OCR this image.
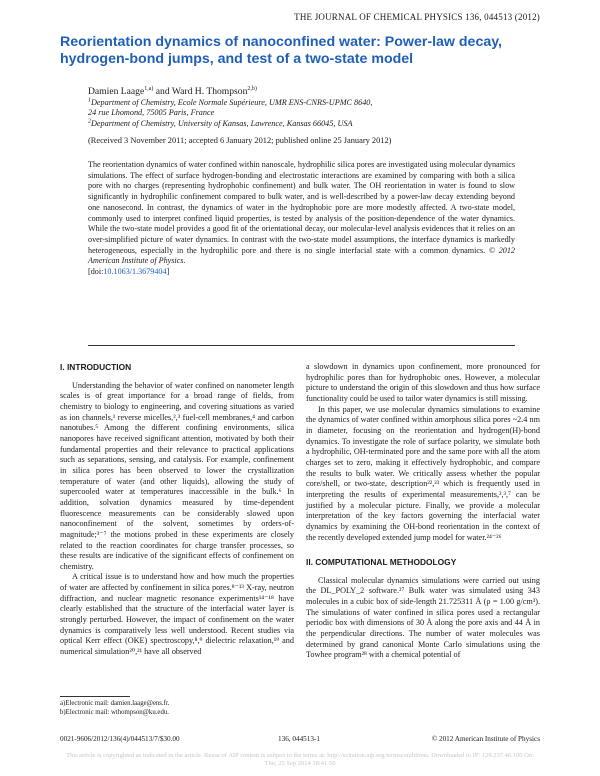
THE JOURNAL OF CHEMICAL PHYSICS 136, 044513 (2012)
Reorientation dynamics of nanoconfined water: Power-law decay, hydrogen-bond jumps, and test of a two-state model
Damien Laage$^{1,a)}$ and Ward H. Thompson$^{2,b)}$
$^1$Department of Chemistry, Ecole Normale Supérieure, UMR ENS-CNRS-UPMC 8640,
24 rue Lhomond, 75005 Paris, France
$^2$Department of Chemistry, University of Kansas, Lawrence, Kansas 66045, USA
(Received 3 November 2011; accepted 6 January 2012; published online 25 January 2012)

The reorientation dynamics of water confined within nanoscale, hydrophilic silica pores are investigated using molecular dynamics simulations. The effect of surface hydrogen-bonding and electrostatic interactions are examined by comparing with both a silica pore with no charges (representing hydrophobic confinement) and bulk water. The OH reorientation in water is found to slow significantly in hydrophilic confinement compared to bulk water, and is well-described by a power-law decay extending beyond one nanosecond. In contrast, the dynamics of water in the hydrophobic pore are more modestly affected. A two-state model, commonly used to interpret confined liquid properties, is tested by analysis of the position-dependence of the water dynamics. While the two-state model provides a good fit of the orientational decay, our molecular-level analysis evidences that it relies on an over-simplified picture of water dynamics. In contrast with the two-state model assumptions, the interface dynamics is markedly heterogeneous, especially in the hydrophilic pore and there is no single interfacial state with a common dynamics. © 2012 American Institute of Physics.
[doi:10.1063/1.3679404]

I. INTRODUCTION

Understanding the behavior of water confined on nanometer length scales is of great importance for a broad range of fields, from chemistry to biology to engineering, and covering situations as varied as ion channels,¹ reverse micelles,²,³ fuel-cell membranes,⁴ and carbon nanotubes.⁵ Among the different confining environments, silica nanopores have received significant attention, motivated by both their fundamental properties and their relevance to practical applications such as separations, sensing, and catalysis. For example, confinement in silica pores has been observed to lower the crystallization temperature of water (and other liquids), allowing the study of supercooled water at temperatures inaccessible in the bulk.⁶ In addition, solvation dynamics measured by time-dependent fluorescence measurements can be considerably slowed upon nanoconfinement of the solvent, sometimes by orders-of-magnitude;³⁻⁷ the motions probed in these experiments are closely related to the reaction coordinates for charge transfer processes, so these results are indicative of the significant effects of confinement on chemistry.

A critical issue is to understand how and how much the properties of water are affected by confinement in silica pores.⁸⁻¹³ X-ray, neutron diffraction, and nuclear magnetic resonance experiments¹⁴⁻¹⁸ have clearly established that the structure of the interfacial water layer is strongly perturbed. However, the impact of confinement on the water dynamics is comparatively less well understood. Recent studies via optical Kerr effect (OKE) spectroscopy,⁸,⁹ dielectric relaxation,¹⁹ and numerical simulation²⁰,²¹ have all observed

a)Electronic mail: damien.laage@ens.fr.
b)Electronic mail: wthompson@ku.edu.

a slowdown in dynamics upon confinement, more pronounced for hydrophilic pores than for hydrophobic ones. However, a molecular picture to understand the origin of this slowdown and thus how surface functionality could be used to tailor water dynamics is still missing.

In this paper, we use molecular dynamics simulations to examine the dynamics of water confined within amorphous silica pores ~2.4 nm in diameter, focusing on the reorientation and hydrogen(H)-bond dynamics. To investigate the role of surface polarity, we simulate both a hydrophilic, OH-terminated pore and the same pore with all the atom charges set to zero, making it effectively hydrophobic, and compare the results to bulk water. We critically assess whether the popular core/shell, or two-state, description²²,²³ which is frequently used in interpreting the results of experimental measurements,²,³,⁷ can be justified by a molecular picture. Finally, we provide a molecular interpretation of the key factors governing the interfacial water dynamics by examining the OH-bond reorientation in the context of the recently developed extended jump model for water.²⁴⁻²⁶

II. COMPUTATIONAL METHODOLOGY

Classical molecular dynamics simulations were carried out using the DL_POLY_2 software.²⁷ Bulk water was simulated using 343 molecules in a cubic box of side-length 21.725311 Å (ρ = 1.00 g/cm³). The simulations of water confined in silica pores used a rectangular periodic box with dimensions of 30 Å along the pore axis and 44 Å in the perpendicular directions. The number of water molecules was determined by grand canonical Monte Carlo simulations using the Towhee program²⁸ with a chemical potential of

0021-9606/2012/136(4)/044513/7/$30.00	136, 044513-1	© 2012 American Institute of Physics
This article is copyrighted as indicated in the article. Reuse of AIP content is subject to the terms at: http://scitation.aip.org/termsconditions. Downloaded to IP: 129.237.46.100 On: Thu, 25 Sep 2014 18:41:50
